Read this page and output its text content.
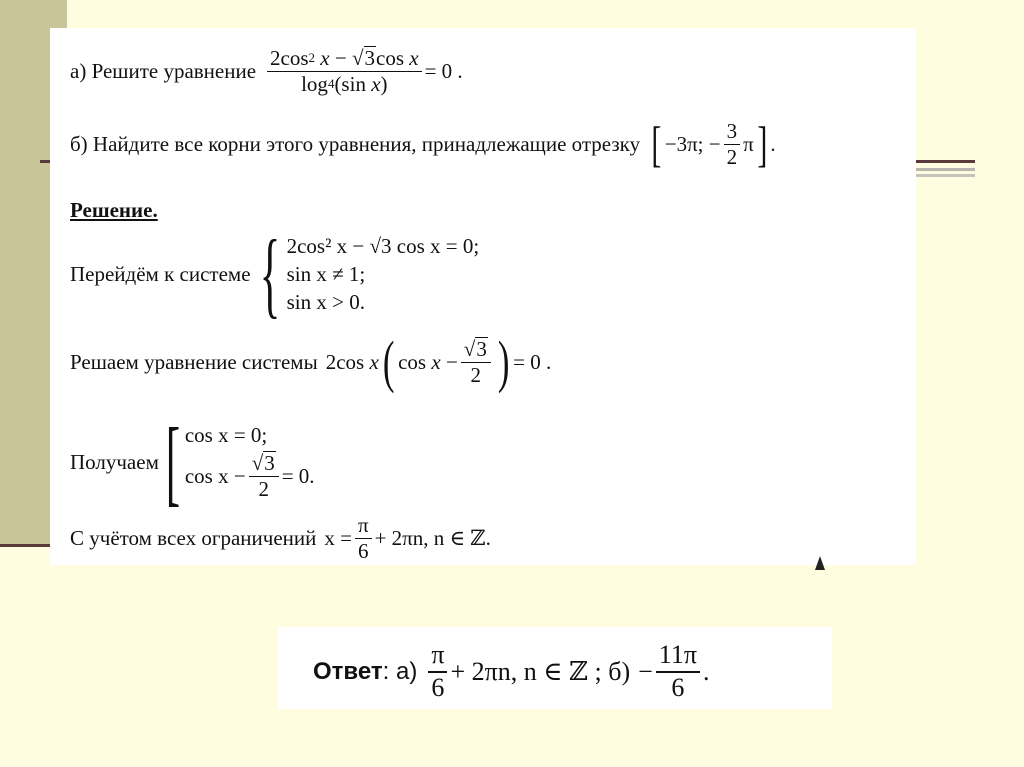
а) Решите уравнение 2cos 2
x
−
√ 3 cos
x
log 4 (sin
x ) = 0 .
б) Найдите все корни этого уравнения, принадлежащие отрезку [ −3π; − $\frac{3}{2}$ π ] .
Решение.
Перейдём к системе { 2cos² x − √3 cos x = 0;
sin x ≠ 1;
sin x > 0.
Решаем уравнение системы 2cos
x ( cos
x
− $\frac{√ 3}{2}$ ) = 0 .
Получаем [ cos x = 0;
$\cos x - \frac{√ 3}{2} = 0$.
С учётом всех ограничений $x = \frac{\pi}{6} + 2\pi n$, n ∈ ℤ.
Ответ : $а) \frac{\pi}{6} + 2\pi n$, n ∈ ℤ ; $б) - \frac{11\pi}{6}$ .
